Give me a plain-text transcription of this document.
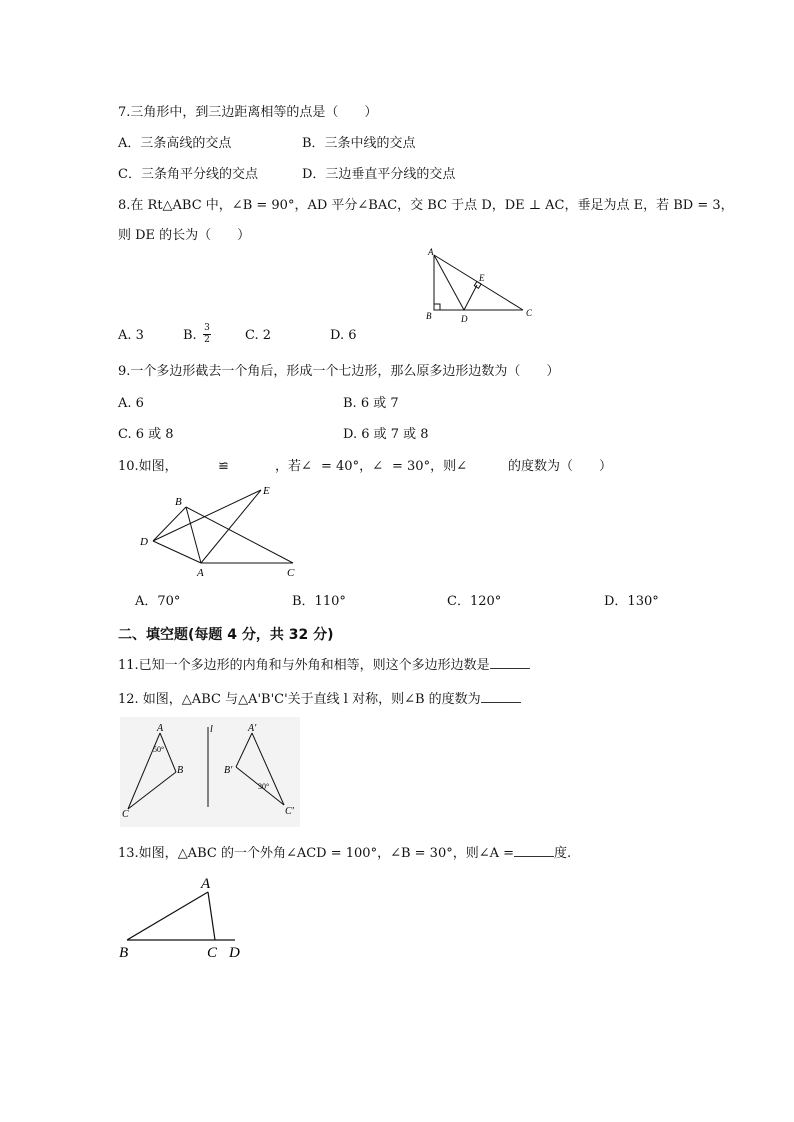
7.三角形中，到三边距离相等的点是（　　）
A．三条高线的交点	B．三条中线的交点
C．三条角平分线的交点	D．三边垂直平分线的交点
8.在 Rt△ABC 中，∠B = 90°，AD 平分∠BAC，交 BC 于点 D，DE ⊥ AC，垂足为点 E，若 BD = 3，
则 DE 的长为（　　）
A
B	C
D
E
A. 3	B. 3
2	C. 2	D. 6
9.一个多边形截去一个角后，形成一个七边形，那么原多边形边数为（　　）
A. 6	B. 6 或 7
C. 6 或 8	D. 6 或 7 或 8
10.如图，	≌	，若∠ = 40°，∠ = 30°，则∠	的度数为（　　）
B
D
A	C
E
A．70°	B．110°	C．120°	D．130°
二、填空题(每题 4 分，共 32 分)
11.已知一个多边形的内角和与外角和相等，则这个多边形边数是
12. 如图，△ABC 与△A'B'C'关于直线 l 对称，则∠B 的度数为
A
B
C
50°
l	A'
B'
C'
30°
13.如图，△ABC 的一个外角∠ACD = 100°，∠B = 30°，则∠A =	度.
A
B	C D
